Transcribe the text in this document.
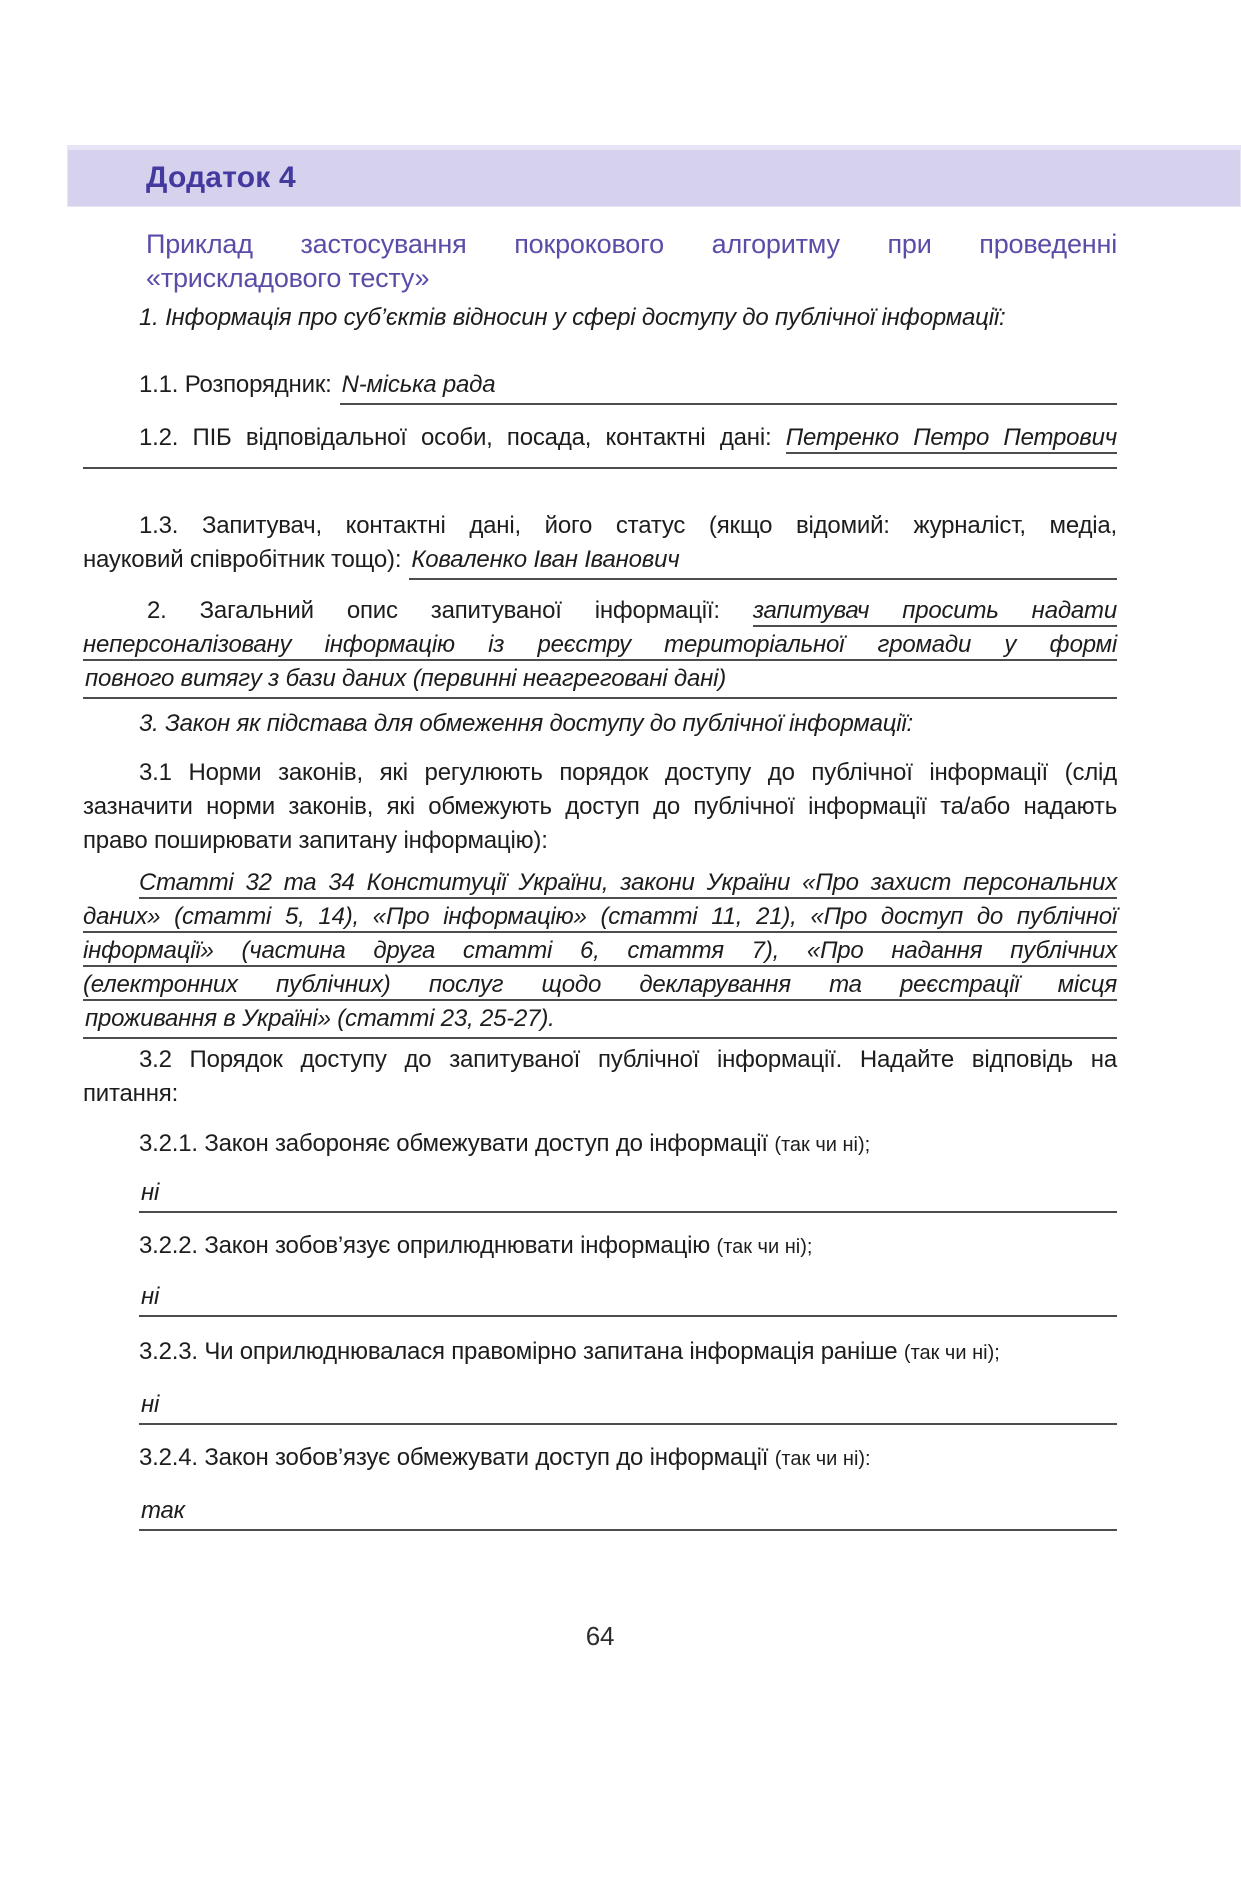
Додаток 4
Приклад застосування покрокового алгоритму при проведенні
«трискладового тесту»
1. Інформація про суб’єктів відносин у сфері доступу до публічної інформації:
1.1. Розпорядник: N-міська рада
1.2. ПІБ відповідальної особи, посада, контактні дані: Петренко Петро Петрович
1.3. Запитувач, контактні дані, його статус (якщо відомий: журналіст, медіа,
науковий співробітник тощо): Коваленко Іван Іванович
2. Загальний опис запитуваної інформації: запитувач просить надати
неперсоналізовану інформацію із реєстру територіальної громади у формі
повного витягу з бази даних (первинні неагреговані дані)
3. Закон як підстава для обмеження доступу до публічної інформації:
3.1 Норми законів, які регулюють порядок доступу до публічної інформації (слід
зазначити норми законів, які обмежують доступ до публічної інформації та/або надають
право поширювати запитану інформацію):
Статті 32 та 34 Конституції України, закони України «Про захист персональних
даних» (статті 5, 14), «Про інформацію» (статті 11, 21), «Про доступ до публічної
інформації» (частина друга статті 6, стаття 7), «Про надання публічних
(електронних публічних) послуг щодо декларування та реєстрації місця
проживання в Україні» (статті 23, 25-27).
3.2 Порядок доступу до запитуваної публічної інформації. Надайте відповідь на
питання:
3.2.1. Закон забороняє обмежувати доступ до інформації (так чи ні);
ні
3.2.2. Закон зобов’язує оприлюднювати інформацію (так чи ні);
ні
3.2.3. Чи оприлюднювалася правомірно запитана інформація раніше (так чи ні);
ні
3.2.4. Закон зобов’язує обмежувати доступ до інформації (так чи ні):
так
64
